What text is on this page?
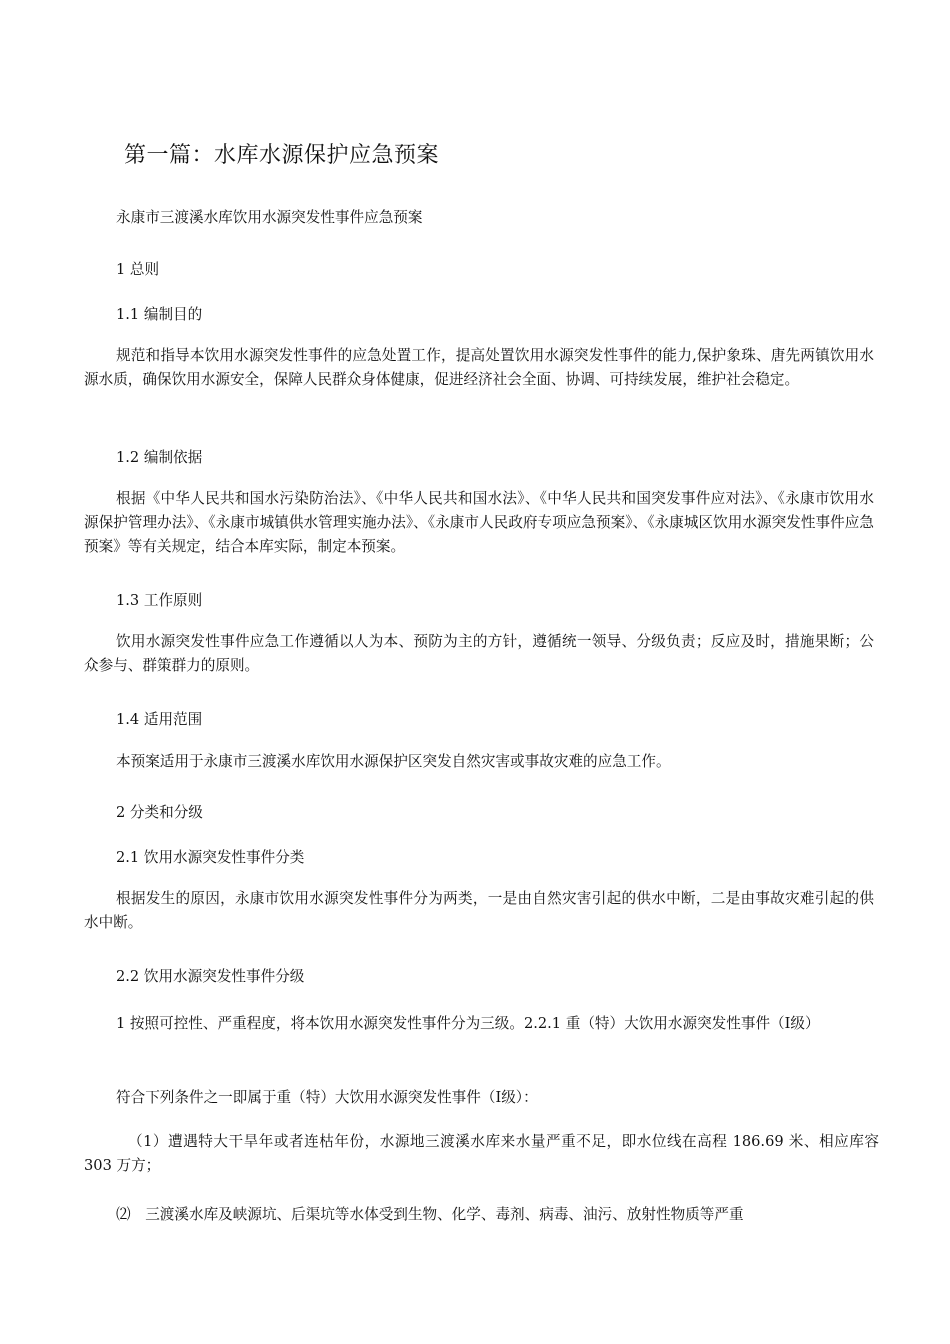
第一篇：水库水源保护应急预案
永康市三渡溪水库饮用水源突发性事件应急预案
1 总则
1.1 编制目的
规范和指导本饮用水源突发性事件的应急处置工作，提高处置饮用水源突发性事件的能力,保护象珠、唐先两镇饮用水源水质，确保饮用水源安全，保障人民群众身体健康，促进经济社会全面、协调、可持续发展，维护社会稳定。
1.2 编制依据
根据《中华人民共和国水污染防治法》、《中华人民共和国水法》、《中华人民共和国突发事件应对法》、《永康市饮用水源保护管理办法》、《永康市城镇供水管理实施办法》、《永康市人民政府专项应急预案》、《永康城区饮用水源突发性事件应急预案》等有关规定，结合本库实际，制定本预案。
1.3 工作原则
饮用水源突发性事件应急工作遵循以人为本、预防为主的方针，遵循统一领导、分级负责；反应及时，措施果断；公众参与、群策群力的原则。
1.4 适用范围
本预案适用于永康市三渡溪水库饮用水源保护区突发自然灾害或事故灾难的应急工作。
2 分类和分级
2.1 饮用水源突发性事件分类
根据发生的原因，永康市饮用水源突发性事件分为两类，一是由自然灾害引起的供水中断，二是由事故灾难引起的供水中断。
2.2 饮用水源突发性事件分级
1 按照可控性、严重程度，将本饮用水源突发性事件分为三级。2.2.1 重（特）大饮用水源突发性事件（Ⅰ级）
符合下列条件之一即属于重（特）大饮用水源突发性事件（Ⅰ级）：
（1）遭遇特大干旱年或者连枯年份，水源地三渡溪水库来水量严重不足，即水位线在高程 186.69 米、相应库容 303 万方；
⑵　三渡溪水库及峡源坑、后渠坑等水体受到生物、化学、毒剂、病毒、油污、放射性物质等严重
